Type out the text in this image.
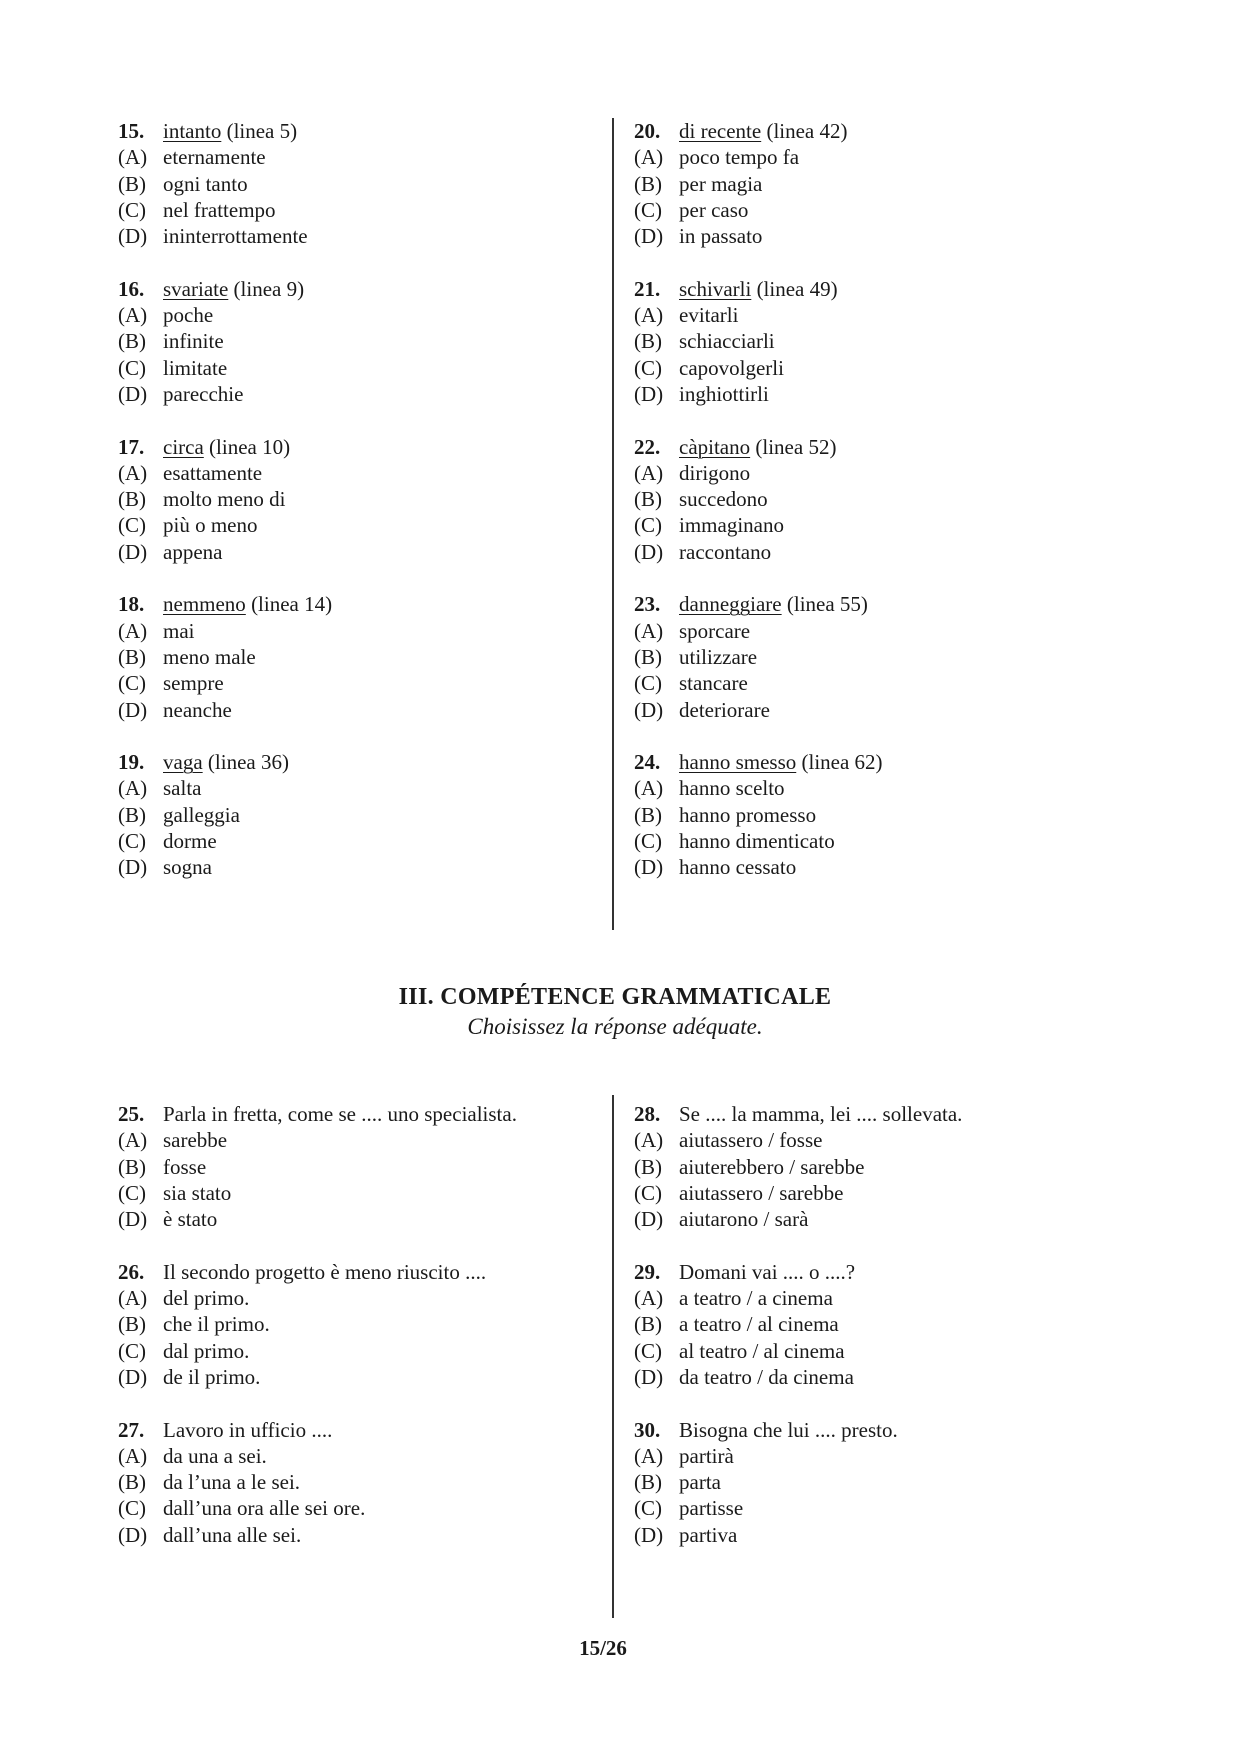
15. intanto (linea 5)
(A) eternamente
(B) ogni tanto
(C) nel frattempo
(D) ininterrottamente
16. svariate (linea 9)
(A) poche
(B) infinite
(C) limitate
(D) parecchie
17. circa (linea 10)
(A) esattamente
(B) molto meno di
(C) più o meno
(D) appena
18. nemmeno (linea 14)
(A) mai
(B) meno male
(C) sempre
(D) neanche
19. vaga (linea 36)
(A) salta
(B) galleggia
(C) dorme
(D) sogna
20. di recente (linea 42)
(A) poco tempo fa
(B) per magia
(C) per caso
(D) in passato
21. schivarli (linea 49)
(A) evitarli
(B) schiacciarli
(C) capovolgerli
(D) inghiottirli
22. càpitano (linea 52)
(A) dirigono
(B) succedono
(C) immaginano
(D) raccontano
23. danneggiare (linea 55)
(A) sporcare
(B) utilizzare
(C) stancare
(D) deteriorare
24. hanno smesso (linea 62)
(A) hanno scelto
(B) hanno promesso
(C) hanno dimenticato
(D) hanno cessato
III. COMPÉTENCE GRAMMATICALE
Choisissez la réponse adéquate.
25. Parla in fretta, come se .... uno specialista.
(A) sarebbe
(B) fosse
(C) sia stato
(D) è stato
26. Il secondo progetto è meno riuscito ....
(A) del primo.
(B) che il primo.
(C) dal primo.
(D) de il primo.
27. Lavoro in ufficio ....
(A) da una a sei.
(B) da l’una a le sei.
(C) dall’una ora alle sei ore.
(D) dall’una alle sei.
28. Se .... la mamma, lei .... sollevata.
(A) aiutassero / fosse
(B) aiuterebbero / sarebbe
(C) aiutassero / sarebbe
(D) aiutarono / sarà
29. Domani vai .... o ....?
(A) a teatro / a cinema
(B) a teatro / al cinema
(C) al teatro / al cinema
(D) da teatro / da cinema
30. Bisogna che lui .... presto.
(A) partirà
(B) parta
(C) partisse
(D) partiva
15/26
